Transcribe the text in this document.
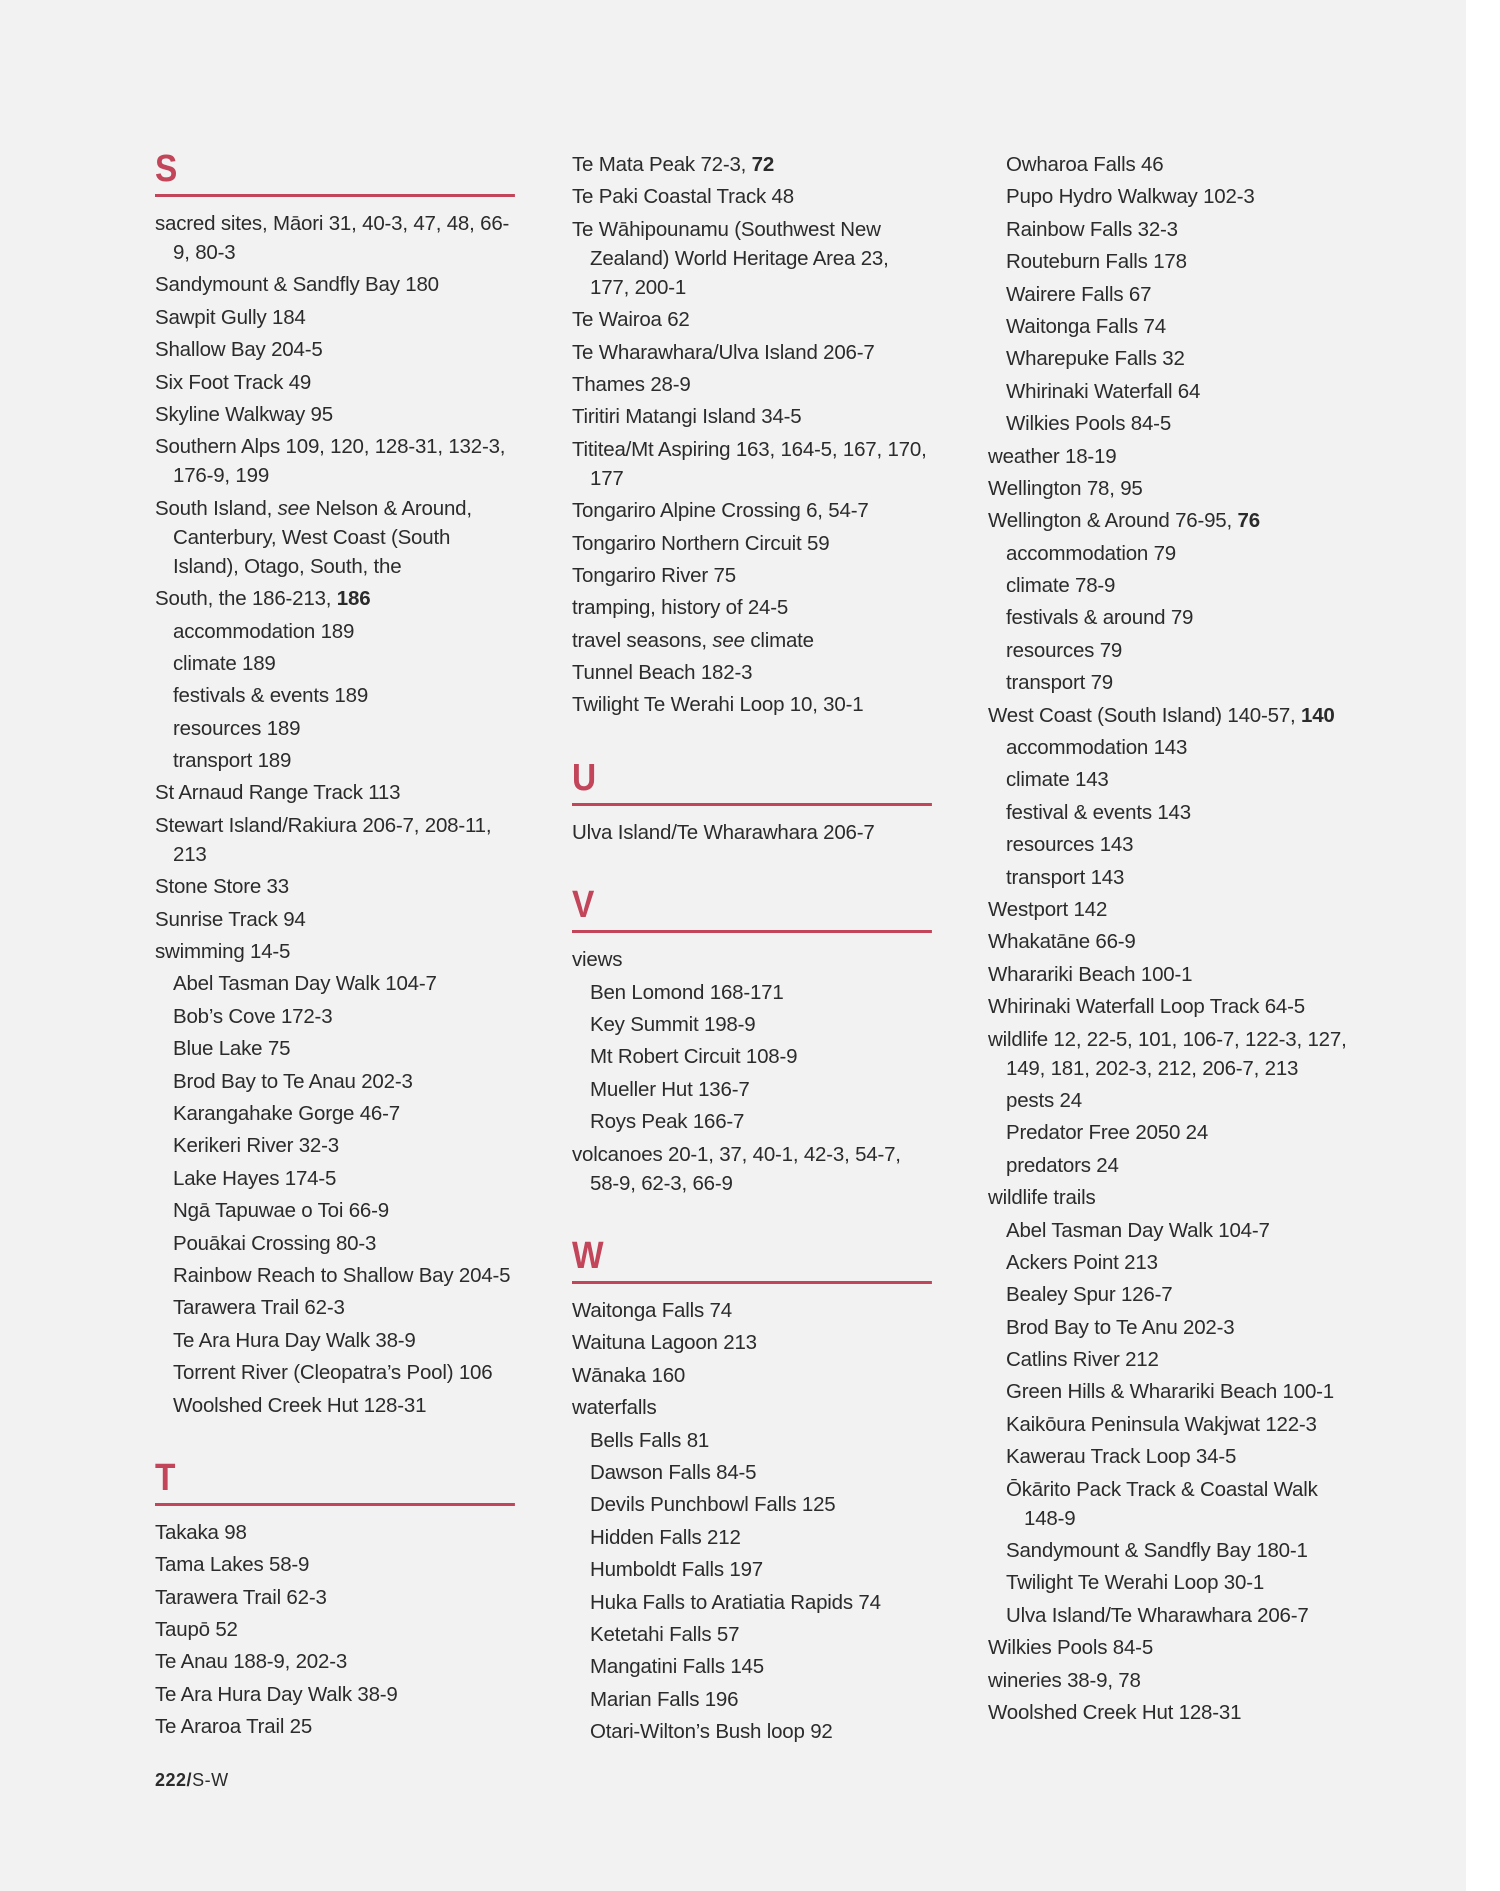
S
sacred sites, Māori 31, 40-3, 47, 48, 66-9, 80-3
Sandymount & Sandfly Bay 180
Sawpit Gully 184
Shallow Bay 204-5
Six Foot Track 49
Skyline Walkway 95
Southern Alps 109, 120, 128-31, 132-3, 176-9, 199
South Island, see Nelson & Around, Canterbury, West Coast (South Island), Otago, South, the
South, the 186-213, 186
accommodation 189
climate 189
festivals & events 189
resources 189
transport 189
St Arnaud Range Track 113
Stewart Island/Rakiura 206-7, 208-11, 213
Stone Store 33
Sunrise Track 94
swimming 14-5
Abel Tasman Day Walk 104-7
Bob’s Cove 172-3
Blue Lake 75
Brod Bay to Te Anau 202-3
Karangahake Gorge 46-7
Kerikeri River 32-3
Lake Hayes 174-5
Ngā Tapuwae o Toi 66-9
Pouākai Crossing 80-3
Rainbow Reach to Shallow Bay 204-5
Tarawera Trail 62-3
Te Ara Hura Day Walk 38-9
Torrent River (Cleopatra’s Pool) 106
Woolshed Creek Hut 128-31
T
Takaka 98
Tama Lakes 58-9
Tarawera Trail 62-3
Taupō 52
Te Anau 188-9, 202-3
Te Ara Hura Day Walk 38-9
Te Araroa Trail 25
Te Mata Peak 72-3, 72
Te Paki Coastal Track 48
Te Wāhipounamu (Southwest New Zealand) World Heritage Area 23, 177, 200-1
Te Wairoa 62
Te Wharawhara/Ulva Island 206-7
Thames 28-9
Tiritiri Matangi Island 34-5
Tititea/Mt Aspiring 163, 164-5, 167, 170, 177
Tongariro Alpine Crossing 6, 54-7
Tongariro Northern Circuit 59
Tongariro River 75
tramping, history of 24-5
travel seasons, see climate
Tunnel Beach 182-3
Twilight Te Werahi Loop 10, 30-1
U
Ulva Island/Te Wharawhara 206-7
V
views
Ben Lomond 168-171
Key Summit 198-9
Mt Robert Circuit 108-9
Mueller Hut 136-7
Roys Peak 166-7
volcanoes 20-1, 37, 40-1, 42-3, 54-7, 58-9, 62-3, 66-9
W
Waitonga Falls 74
Waituna Lagoon 213
Wānaka 160
waterfalls
Bells Falls 81
Dawson Falls 84-5
Devils Punchbowl Falls 125
Hidden Falls 212
Humboldt Falls 197
Huka Falls to Aratiatia Rapids 74
Ketetahi Falls 57
Mangatini Falls 145
Marian Falls 196
Otari-Wilton’s Bush loop 92
Owharoa Falls 46
Pupo Hydro Walkway 102-3
Rainbow Falls 32-3
Routeburn Falls 178
Wairere Falls 67
Waitonga Falls 74
Wharepuke Falls 32
Whirinaki Waterfall 64
Wilkies Pools 84-5
weather 18-19
Wellington 78, 95
Wellington & Around 76-95, 76
accommodation 79
climate 78-9
festivals & around 79
resources 79
transport 79
West Coast (South Island) 140-57, 140
accommodation 143
climate 143
festival & events 143
resources 143
transport 143
Westport 142
Whakatāne 66-9
Wharariki Beach 100-1
Whirinaki Waterfall Loop Track 64-5
wildlife 12, 22-5, 101, 106-7, 122-3, 127, 149, 181, 202-3, 212, 206-7, 213
pests 24
Predator Free 2050 24
predators 24
wildlife trails
Abel Tasman Day Walk 104-7
Ackers Point 213
Bealey Spur 126-7
Brod Bay to Te Anu 202-3
Catlins River 212
Green Hills & Wharariki Beach 100-1
Kaikōura Peninsula Wakjwat 122-3
Kawerau Track Loop 34-5
Ōkārito Pack Track & Coastal Walk 148-9
Sandymount & Sandfly Bay 180-1
Twilight Te Werahi Loop 30-1
Ulva Island/Te Wharawhara 206-7
Wilkies Pools 84-5
wineries 38-9, 78
Woolshed Creek Hut 128-31
222/S-W
